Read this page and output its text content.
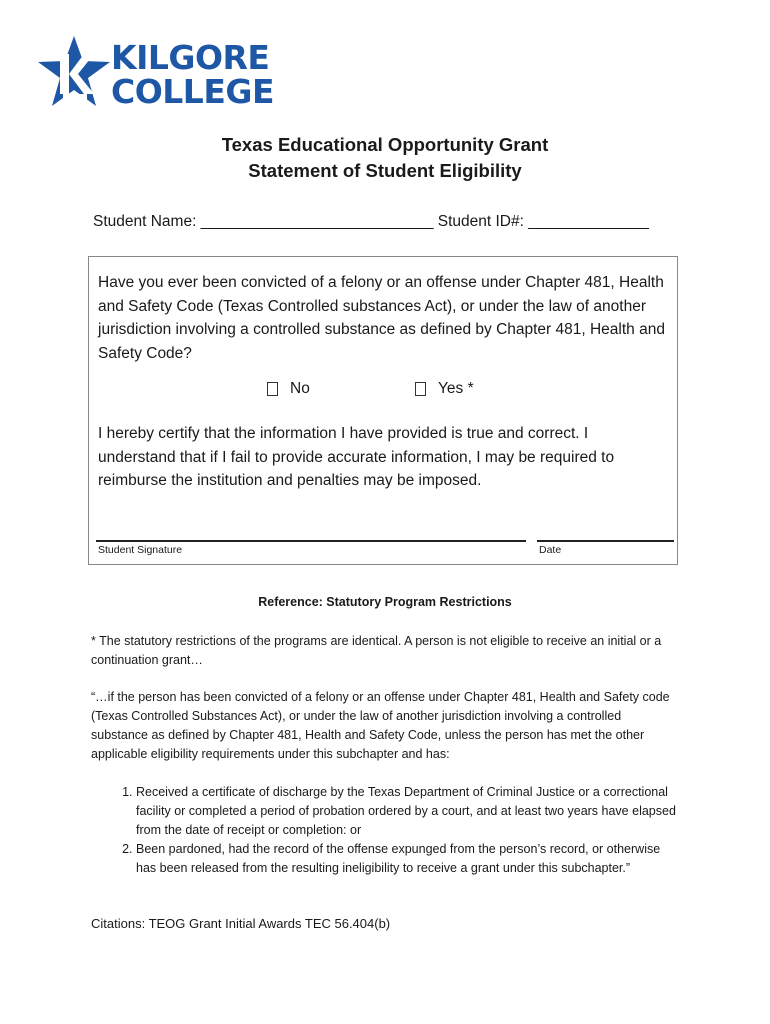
KILGORE
COLLEGE
Texas Educational Opportunity Grant
Statement of Student Eligibility
Student Name: ___________________________ Student ID#: ______________
Have you ever been convicted of a felony or an offense under Chapter 481, Health and Safety Code (Texas Controlled substances Act), or under the law of another jurisdiction involving a controlled substance as defined by Chapter 481, Health and Safety Code?
No	Yes *
I hereby certify that the information I have provided is true and correct. I understand that if I fail to provide accurate information, I may be required to reimburse the institution and penalties may be imposed.
Student Signature	Date
Reference: Statutory Program Restrictions
* The statutory restrictions of the programs are identical. A person is not eligible to receive an initial or a continuation grant…
“…if the person has been convicted of a felony or an offense under Chapter 481, Health and Safety code (Texas Controlled Substances Act), or under the law of another jurisdiction involving a controlled substance as defined by Chapter 481, Health and Safety Code, unless the person has met the other applicable eligibility requirements under this subchapter and has:
1. Received a certificate of discharge by the Texas Department of Criminal Justice or a correctional facility or completed a period of probation ordered by a court, and at least two years have elapsed from the date of receipt or completion: or
2. Been pardoned, had the record of the offense expunged from the person’s record, or otherwise has been released from the resulting ineligibility to receive a grant under this subchapter.”
Citations: TEOG Grant Initial Awards TEC 56.404(b)
